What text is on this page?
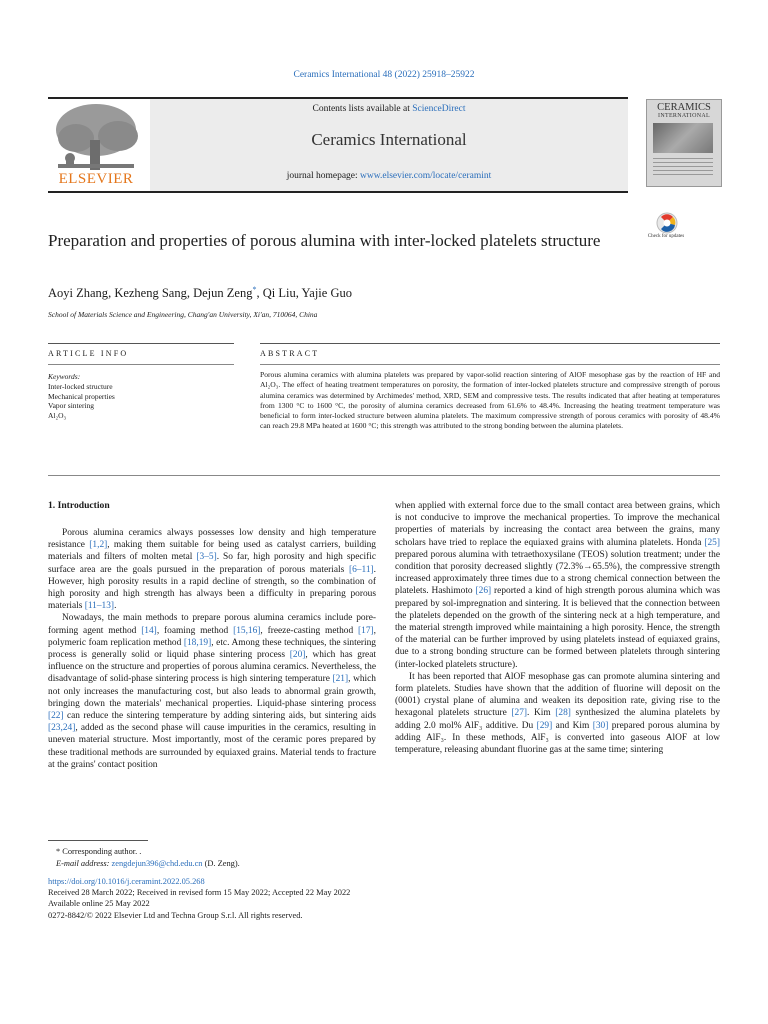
Ceramics International 48 (2022) 25918–25922
ELSEVIER
Contents lists available at ScienceDirect
Ceramics International
journal homepage: www.elsevier.com/locate/ceramint
CERAMICS
INTERNATIONAL
Check for updates
Preparation and properties of porous alumina with inter-locked platelets structure
Aoyi Zhang, Kezheng Sang, Dejun Zeng*, Qi Liu, Yajie Guo
School of Materials Science and Engineering, Chang'an University, Xi'an, 710064, China
ARTICLE INFO	ABSTRACT
Keywords:
Inter-locked structure
Mechanical properties
Vapor sintering
Al₂O₃
Porous alumina ceramics with alumina platelets was prepared by vapor-solid reaction sintering of AlOF mesophase gas by the reaction of HF and Al₂O₃. The effect of heating treatment temperatures on porosity, the formation of inter-locked platelets structure and compressive strength of porous alumina ceramics was determined by Archimedes' method, XRD, SEM and compressive tests. The results indicated that after heating at temperatures from 1300 °C to 1600 °C, the porosity of alumina ceramics decreased from 61.6% to 48.4%. Increasing the heating treatment temperature was beneficial to form inter-locked structure between alumina platelets. The maximum compressive strength of porous ceramics with porosity of 48.4% can reach 29.8 MPa heated at 1600 °C; this strength was attributed to the strong bonding between the alumina platelets.
1. Introduction

Porous alumina ceramics always possesses low density and high temperature resistance [1,2], making them suitable for being used as catalyst carriers, building materials and filters of molten metal [3–5]. So far, high porosity and high specific surface area are the goals pursued in the preparation of porous materials [6–11]. However, high porosity results in a rapid decline of strength, so the combination of high porosity and high strength has always been a difficulty in preparing porous materials [11–13].

Nowadays, the main methods to prepare porous alumina ceramics include pore-forming agent method [14], foaming method [15,16], freeze-casting method [17], polymeric foam replication method [18,19], etc. Among these techniques, the sintering process is generally solid or liquid phase sintering process [20], which has great influence on the structure and properties of porous alumina ceramics. Nevertheless, the disadvantage of solid-phase sintering process is high sintering temperature [21], which not only increases the manufacturing cost, but also leads to abnormal grain growth, bringing down the materials' mechanical properties. Liquid-phase sintering process [22] can reduce the sintering temperature by adding sintering aids, but sintering aids [23,24], added as the second phase will cause impurities in the ceramics, resulting in uneven material structure. Most importantly, most of the ceramic pores prepared by these traditional methods are surrounded by equiaxed grains. Material tends to fracture at the grains' contact position

when applied with external force due to the small contact area between grains, which is not conducive to improve the mechanical properties. To improve the mechanical properties of materials by increasing the contact area between the grains, many scholars have tried to replace the equiaxed grains with alumina platelets. Honda [25] prepared porous alumina with tetraethoxysilane (TEOS) solution treatment; under the condition that porosity decreased slightly (72.3%→65.5%), the compressive strength increased approximately three times due to a strong chemical connection between the platelets. Hashimoto [26] reported a kind of high strength porous alumina which was prepared by sol-impregnation and sintering. It is believed that the connection between the platelets depended on the growth of the sintering neck at a high temperature, and the material strength improved while maintaining a high porosity. Hence, the strength of the material can be further improved by using platelets instead of equiaxed grains, due to a strong bonding structure can be formed between platelets through sintering (inter-locked platelets structure).

It has been reported that AlOF mesophase gas can promote alumina sintering and form platelets. Studies have shown that the addition of fluorine will deposit on the (0001) crystal plane of alumina and weaken its deposition rate, giving rise to the hexagonal platelets structure [27]. Kim [28] synthesized the alumina platelets by adding 2.0 mol% AlF₃ additive. Du [29] and Kim [30] prepared porous alumina by adding AlF₃. In these methods, AlF₃ is converted into gaseous AlOF at low temperature, releasing abundant fluorine gas at the same time; sintering

* Corresponding author. .
E-mail address: zengdejun396@chd.edu.cn (D. Zeng).
https://doi.org/10.1016/j.ceramint.2022.05.268
Received 28 March 2022; Received in revised form 15 May 2022; Accepted 22 May 2022
Available online 25 May 2022
0272-8842/© 2022 Elsevier Ltd and Techna Group S.r.l. All rights reserved.
